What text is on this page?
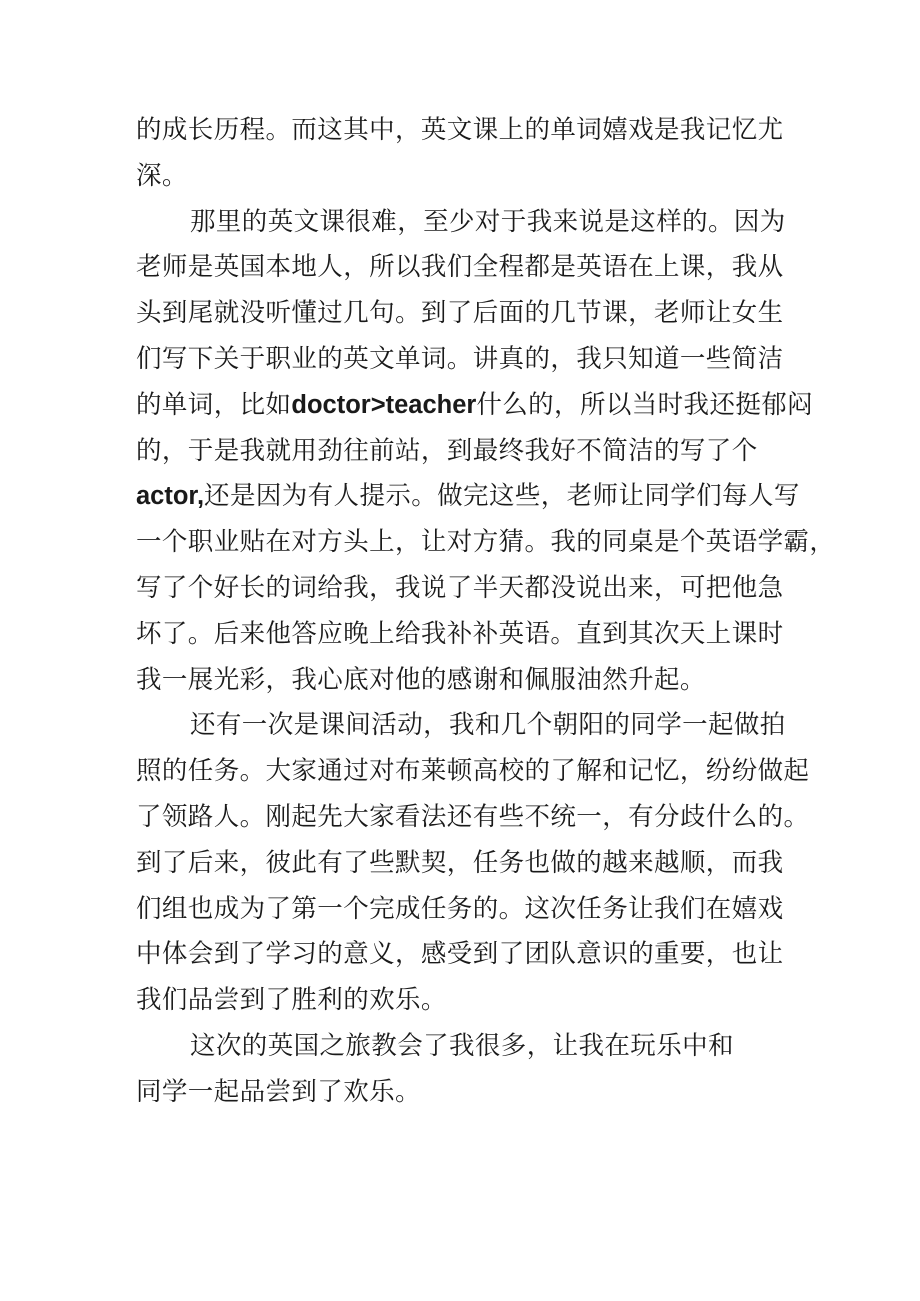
的成长历程。而这其中，英文课上的单词嬉戏是我记忆尤
深。
那里的英文课很难，至少对于我来说是这样的。因为
老师是英国本地人，所以我们全程都是英语在上课，我从
头到尾就没听懂过几句。到了后面的几节课，老师让女生
们写下关于职业的英文单词。讲真的，我只知道一些简洁
的单词，比如doctor>teacher什么的，所以当时我还挺郁闷
的，于是我就用劲往前站，到最终我好不简洁的写了个
actor,还是因为有人提示。做完这些，老师让同学们每人写
一个职业贴在对方头上，让对方猜。我的同桌是个英语学霸，
写了个好长的词给我，我说了半天都没说出来，可把他急
坏了。后来他答应晚上给我补补英语。直到其次天上课时
我一展光彩，我心底对他的感谢和佩服油然升起。
还有一次是课间活动，我和几个朝阳的同学一起做拍
照的任务。大家通过对布莱顿高校的了解和记忆，纷纷做起
了领路人。刚起先大家看法还有些不统一，有分歧什么的。
到了后来，彼此有了些默契，任务也做的越来越顺，而我
们组也成为了第一个完成任务的。这次任务让我们在嬉戏
中体会到了学习的意义，感受到了团队意识的重要，也让
我们品尝到了胜利的欢乐。
这次的英国之旅教会了我很多，让我在玩乐中和
同学一起品尝到了欢乐。
